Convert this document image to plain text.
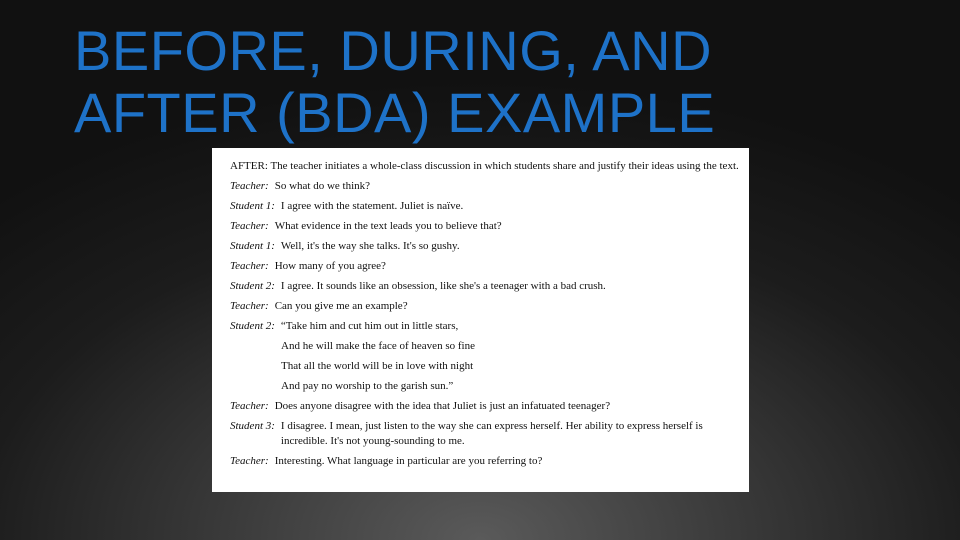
BEFORE, DURING, AND
AFTER (BDA) EXAMPLE
AFTER: The teacher initiates a whole-class discussion in which students share and justify their ideas using the text.
Teacher: So what do we think?
Student 1: I agree with the statement. Juliet is naïve.
Teacher: What evidence in the text leads you to believe that?
Student 1: Well, it's the way she talks. It's so gushy.
Teacher: How many of you agree?
Student 2: I agree. It sounds like an obsession, like she's a teenager with a bad crush.
Teacher: Can you give me an example?
Student 2: “Take him and cut him out in little stars,
And he will make the face of heaven so fine
That all the world will be in love with night
And pay no worship to the garish sun.”
Teacher: Does anyone disagree with the idea that Juliet is just an infatuated teenager?
Student 3: I disagree. I mean, just listen to the way she can express herself. Her ability to express herself is incredible. It's not young-sounding to me.
Teacher: Interesting. What language in particular are you referring to?
